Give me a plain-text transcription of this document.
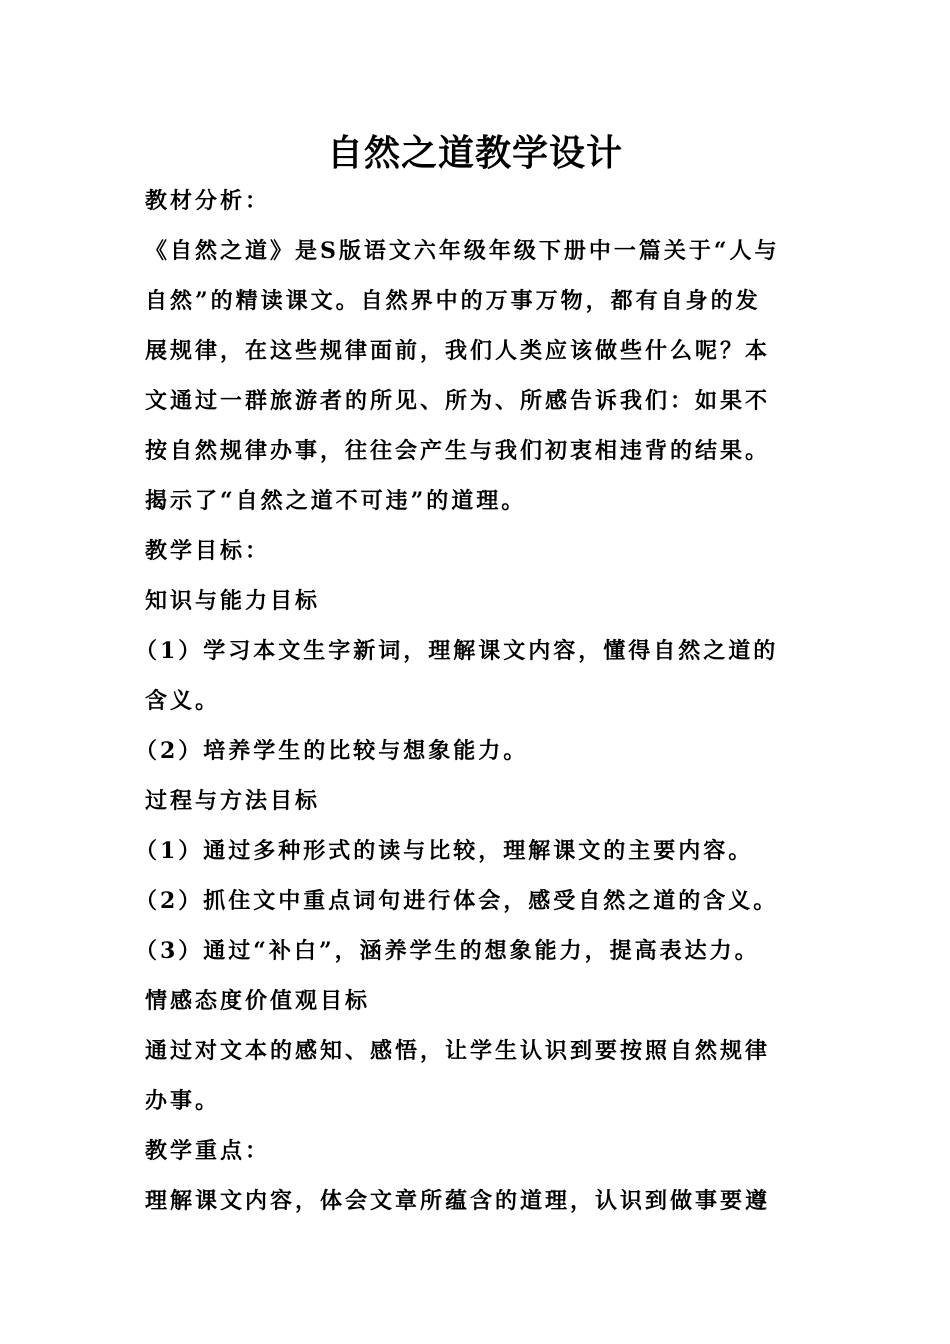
自然之道教学设计
教材分析：
《自然之道》是S版语文六年级年级下册中一篇关于“人与
自然”的精读课文。自然界中的万事万物，都有自身的发
展规律，在这些规律面前，我们人类应该做些什么呢？本
文通过一群旅游者的所见、所为、所感告诉我们：如果不
按自然规律办事，往往会产生与我们初衷相违背的结果。
揭示了“自然之道不可违”的道理。
教学目标：
知识与能力目标
（1）学习本文生字新词，理解课文内容，懂得自然之道的
含义。
（2）培养学生的比较与想象能力。
过程与方法目标
（1）通过多种形式的读与比较，理解课文的主要内容。
（2）抓住文中重点词句进行体会，感受自然之道的含义。
（3）通过“补白”，涵养学生的想象能力，提高表达力。
情感态度价值观目标
通过对文本的感知、感悟，让学生认识到要按照自然规律
办事。
教学重点：
理解课文内容，体会文章所蕴含的道理，认识到做事要遵
